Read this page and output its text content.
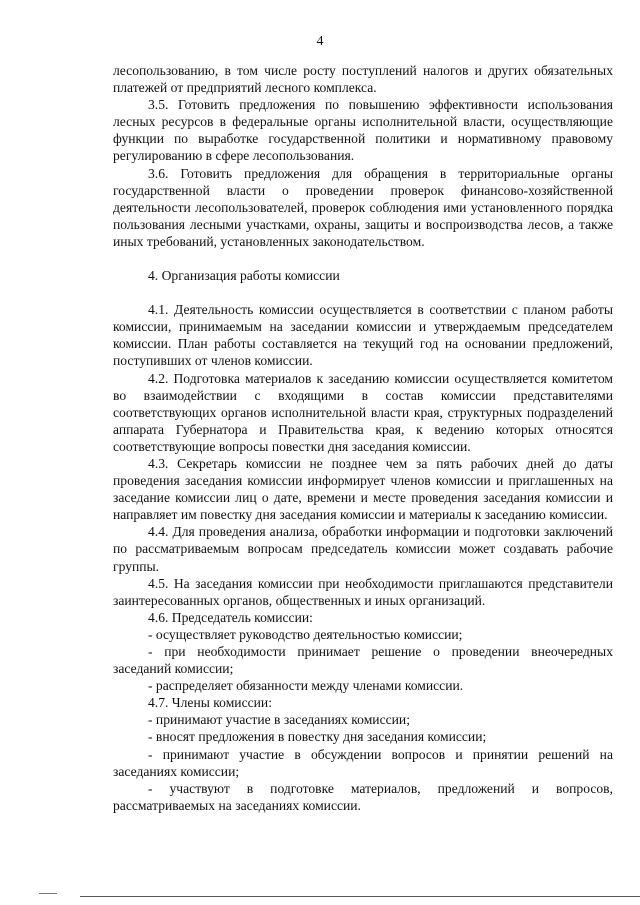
4

лесопользованию, в том числе росту поступлений налогов и других обязательных платежей от предприятий лесного комплекса.

3.5. Готовить предложения по повышению эффективности использования лесных ресурсов в федеральные органы исполнительной власти, осуществляющие функции по выработке государственной политики и нормативному правовому регулированию в сфере лесопользования.

3.6. Готовить предложения для обращения в территориальные органы государственной власти о проведении проверок финансово-хозяйственной деятельности лесопользователей, проверок соблюдения ими установленного порядка пользования лесными участками, охраны, защиты и воспроизводства лесов, а также иных требований, установленных законодательством.

4. Организация работы комиссии

4.1. Деятельность комиссии осуществляется в соответствии с планом работы комиссии, принимаемым на заседании комиссии и утверждаемым председателем комиссии. План работы составляется на текущий год на основании предложений, поступивших от членов комиссии.

4.2. Подготовка материалов к заседанию комиссии осуществляется комитетом во взаимодействии с входящими в состав комиссии представителями соответствующих органов исполнительной власти края, структурных подразделений аппарата Губернатора и Правительства края, к ведению которых относятся соответствующие вопросы повестки дня заседания комиссии.

4.3. Секретарь комиссии не позднее чем за пять рабочих дней до даты проведения заседания комиссии информирует членов комиссии и приглашенных на заседание комиссии лиц о дате, времени и месте проведения заседания комиссии и направляет им повестку дня заседания комиссии и материалы к заседанию комиссии.

4.4. Для проведения анализа, обработки информации и подготовки заключений по рассматриваемым вопросам председатель комиссии может создавать рабочие группы.

4.5. На заседания комиссии при необходимости приглашаются представители заинтересованных органов, общественных и иных организаций.

4.6. Председатель комиссии:

- осуществляет руководство деятельностью комиссии;

- при необходимости принимает решение о проведении внеочередных заседаний комиссии;

- распределяет обязанности между членами комиссии.

4.7. Члены комиссии:

- принимают участие в заседаниях комиссии;

- вносят предложения в повестку дня заседания комиссии;

- принимают участие в обсуждении вопросов и принятии решений на заседаниях комиссии;

- участвуют в подготовке материалов, предложений и вопросов, рассматриваемых на заседаниях комиссии.
